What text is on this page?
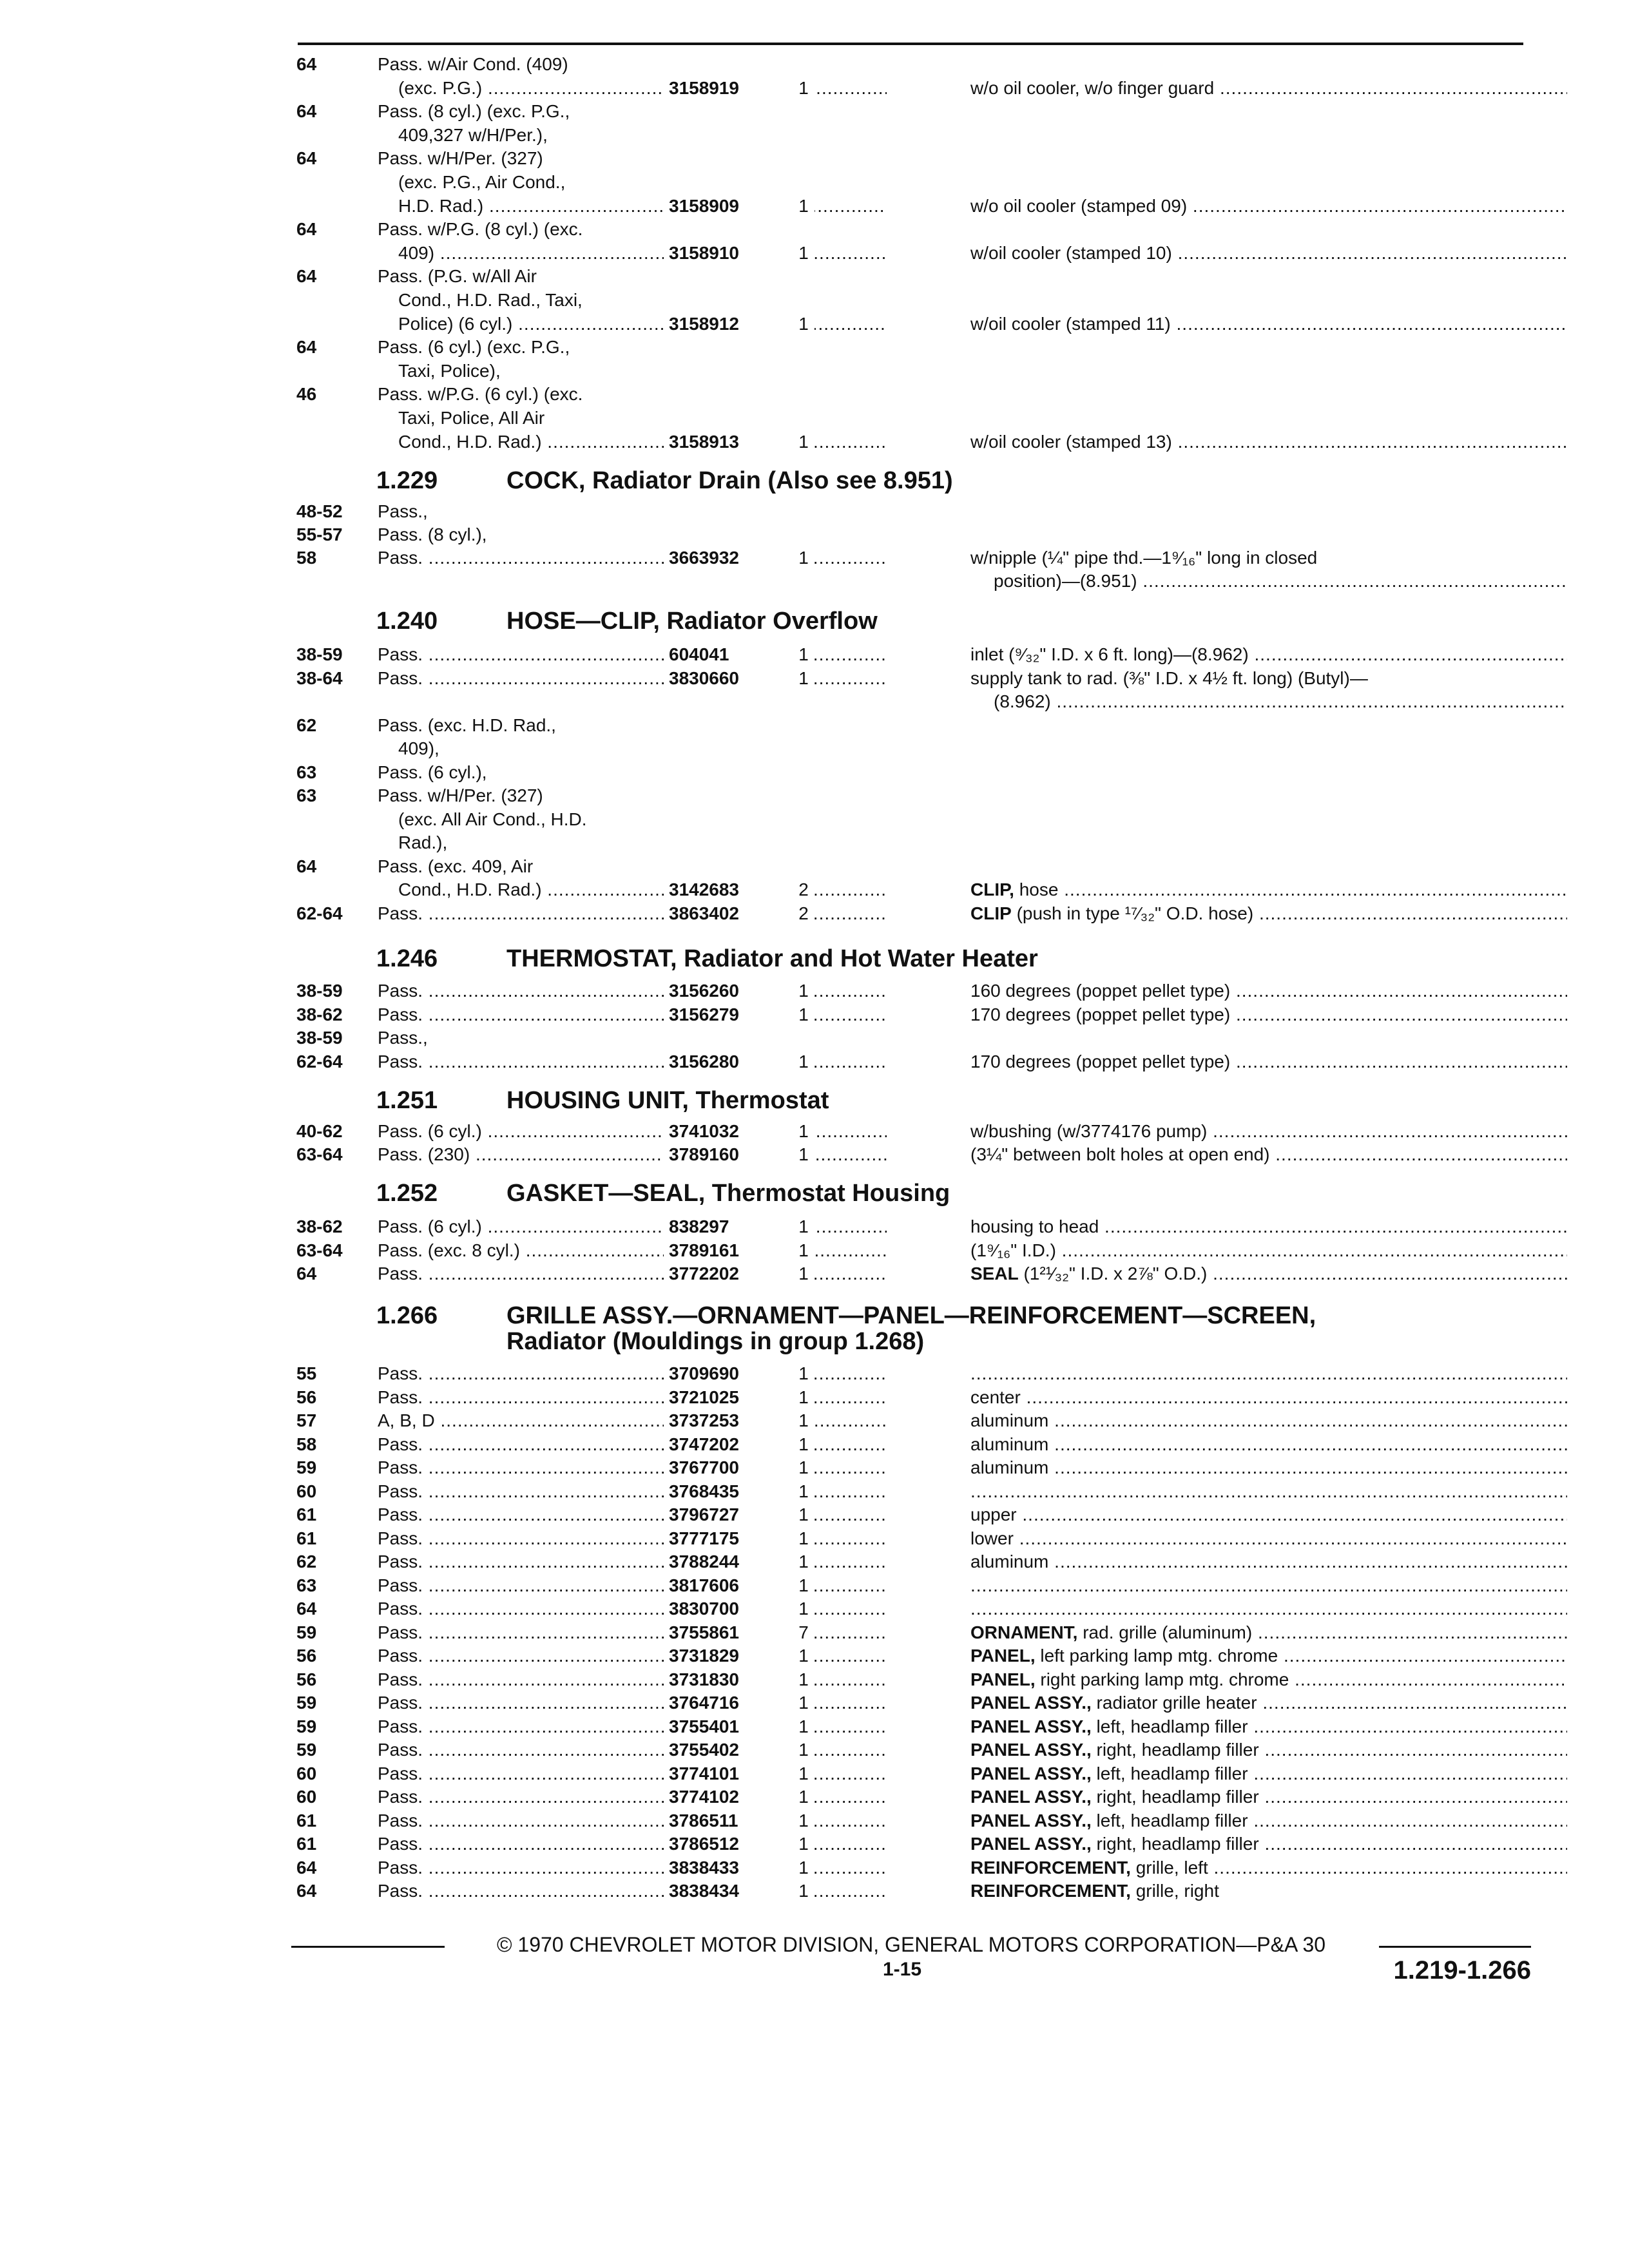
64	Pass. w/Air Cond. (409)
(exc. P.G.) .....	3158919	1	w/o oil cooler, w/o finger guard .....
64	Pass. (8 cyl.) (exc. P.G.,
409,327 w/H/Per.),
64	Pass. w/H/Per. (327)
(exc. P.G., Air Cond.,
H.D. Rad.) .....	3158909	1	w/o oil cooler (stamped 09) .....
64	Pass. w/P.G. (8 cyl.) (exc.
409) .....	3158910	1	w/oil cooler (stamped 10) .....
64	Pass. (P.G. w/All Air
Cond., H.D. Rad., Taxi,
Police) (6 cyl.) .....	3158912	1	w/oil cooler (stamped 11) .....
64	Pass. (6 cyl.) (exc. P.G.,
Taxi, Police),
46	Pass. w/P.G. (6 cyl.) (exc.
Taxi, Police, All Air
Cond., H.D. Rad.) .....	3158913	1	w/oil cooler (stamped 13) .....
1.229	COCK, Radiator Drain (Also see 8.951)
48-52 Pass.,
55-57 Pass. (8 cyl.),
58	Pass. .....	3663932	1	w/nipple (¼" pipe thd.—1⁹⁄₁₆" long in closed
position)—(8.951) .....
1.240	HOSE—CLIP, Radiator Overflow
38-59 Pass. .....	604041	1	inlet (⁹⁄₃₂" I.D. x 6 ft. long)—(8.962) .....
38-64 Pass. .....	3830660	1	supply tank to rad. (⅜" I.D. x 4½ ft. long) (Butyl)—
(8.962) .....
62	Pass. (exc. H.D. Rad.,
409),
63	Pass. (6 cyl.),
63	Pass. w/H/Per. (327)
(exc. All Air Cond., H.D.
Rad.),
64	Pass. (exc. 409, Air
Cond., H.D. Rad.) .....	3142683	2	CLIP, hose .....
62-64 Pass. .....	3863402	2	CLIP (push in type ¹⁷⁄₃₂" O.D. hose) .....
1.246	THERMOSTAT, Radiator and Hot Water Heater
38-59 Pass. .....	3156260	1	160 degrees (poppet pellet type) .....
38-62 Pass. .....	3156279	1	170 degrees (poppet pellet type) .....
38-59 Pass.,
62-64 Pass. .....	3156280	1	170 degrees (poppet pellet type) .....
1.251	HOUSING UNIT, Thermostat
40-62 Pass. (6 cyl.) .....	3741032	1	w/bushing (w/3774176 pump) .....
63-64 Pass. (230) .....	3789160	1	(3¼" between bolt holes at open end) .....
1.252	GASKET—SEAL, Thermostat Housing
38-62 Pass. (6 cyl.) .....	838297	1	housing to head .....
63-64 Pass. (exc. 8 cyl.) .....	3789161	1	(1⁹⁄₁₆" I.D.) .....
64	Pass. .....	3772202	1	SEAL (1²¹⁄₃₂" I.D. x 2⅞" O.D.) .....
1.266	GRILLE ASSY.—ORNAMENT—PANEL—REINFORCEMENT—SCREEN,
Radiator (Mouldings in group 1.268)
55	Pass. .....	3709690	1
.....
56	Pass. .....	3721025	1	center .....
57	A, B, D .....	3737253	1	aluminum .....
58	Pass. .....	3747202	1	aluminum .....
59	Pass. .....	3767700	1	aluminum .....
60	Pass. .....	3768435	1
.....
61	Pass. .....	3796727	1	upper .....
61	Pass. .....	3777175	1	lower .....
62	Pass. .....	3788244	1	aluminum .....
63	Pass. .....	3817606	1
.....
64	Pass. .....	3830700	1
.....
59	Pass. .....	3755861	7	ORNAMENT, rad. grille (aluminum) .....
56	Pass. .....	3731829	1	PANEL, left parking lamp mtg. chrome .....
56	Pass. .....	3731830	1	PANEL, right parking lamp mtg. chrome .....
59	Pass. .....	3764716	1	PANEL ASSY., radiator grille heater .....
59	Pass. .....	3755401	1	PANEL ASSY., left, headlamp filler .....
59	Pass. .....	3755402	1	PANEL ASSY., right, headlamp filler .....
60	Pass. .....	3774101	1	PANEL ASSY., left, headlamp filler .....
60	Pass. .....	3774102	1	PANEL ASSY., right, headlamp filler .....
61	Pass. .....	3786511	1	PANEL ASSY., left, headlamp filler .....
61	Pass. .....	3786512	1	PANEL ASSY., right, headlamp filler .....
64	Pass. .....	3838433	1	REINFORCEMENT, grille, left .....
64	Pass. .....	3838434	1	REINFORCEMENT, grille, right
© 1970 CHEVROLET MOTOR DIVISION, GENERAL MOTORS CORPORATION—P&A 30
1-15	1.219-1.266
